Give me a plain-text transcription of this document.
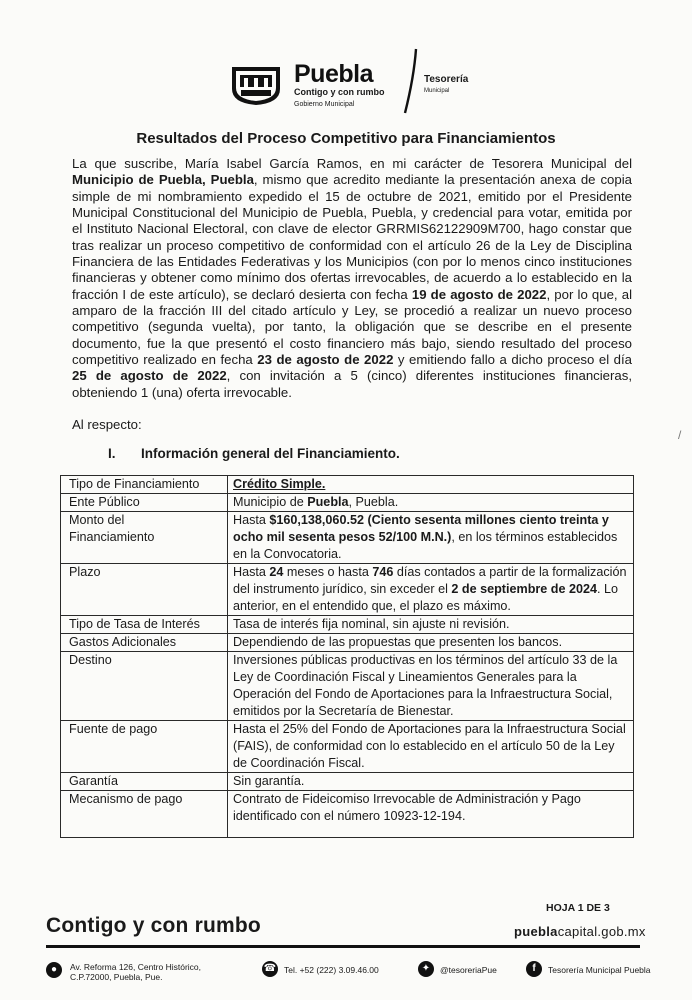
Puebla
Contigo y con rumbo
Gobierno Municipal
Tesorería
Municipal
Resultados del Proceso Competitivo para Financiamientos
La que suscribe, María Isabel García Ramos, en mi carácter de Tesorera Municipal del Municipio de Puebla, Puebla, mismo que acredito mediante la presentación anexa de copia simple de mi nombramiento expedido el 15 de octubre de 2021, emitido por el Presidente Municipal Constitucional del Municipio de Puebla, Puebla, y credencial para votar, emitida por el Instituto Nacional Electoral, con clave de elector GRRMIS62122909M700, hago constar que tras realizar un proceso competitivo de conformidad con el artículo 26 de la Ley de Disciplina Financiera de las Entidades Federativas y los Municipios (con por lo menos cinco instituciones financieras y obtener como mínimo dos ofertas irrevocables, de acuerdo a lo establecido en la fracción I de este artículo), se declaró desierta con fecha 19 de agosto de 2022, por lo que, al amparo de la fracción III del citado artículo y Ley, se procedió a realizar un nuevo proceso competitivo (segunda vuelta), por tanto, la obligación que se describe en el presente documento, fue la que presentó el costo financiero más bajo, siendo resultado del proceso competitivo realizado en fecha 23 de agosto de 2022 y emitiendo fallo a dicho proceso el día 25 de agosto de 2022, con invitación a 5 (cinco) diferentes instituciones financieras, obteniendo 1 (una) oferta irrevocable.
Al respecto:
I. Información general del Financiamiento.
/
Tipo de Financiamiento	Crédito Simple.
Ente Público	Municipio de Puebla, Puebla.
Monto del
Financiamiento	Hasta $160,138,060.52 (Ciento sesenta millones ciento treinta y ocho mil sesenta pesos 52/100 M.N.), en los términos establecidos en la Convocatoria.
Plazo	Hasta 24 meses o hasta 746 días contados a partir de la formalización del instrumento jurídico, sin exceder el 2 de septiembre de 2024. Lo anterior, en el entendido que, el plazo es máximo.
Tipo de Tasa de Interés	Tasa de interés fija nominal, sin ajuste ni revisión.
Gastos Adicionales	Dependiendo de las propuestas que presenten los bancos.
Destino	Inversiones públicas productivas en los términos del artículo 33 de la Ley de Coordinación Fiscal y Lineamientos Generales para la Operación del Fondo de Aportaciones para la Infraestructura Social, emitidos por la Secretaría de Bienestar.
Fuente de pago	Hasta el 25% del Fondo de Aportaciones para la Infraestructura Social (FAIS), de conformidad con lo establecido en el artículo 50 de la Ley de Coordinación Fiscal.
Garantía	Sin garantía.
Mecanismo de pago	Contrato de Fideicomiso Irrevocable de Administración y Pago identificado con el número 10923-12-194.
HOJA 1 DE 3
Contigo y con rumbo	pueblacapital.gob.mx
●	Av. Reforma 126, Centro Histórico,
C.P.72000, Puebla, Pue.
☎ Tel. +52 (222) 3.09.46.00	✦	@tesoreriaPue	f	Tesorería Municipal Puebla
